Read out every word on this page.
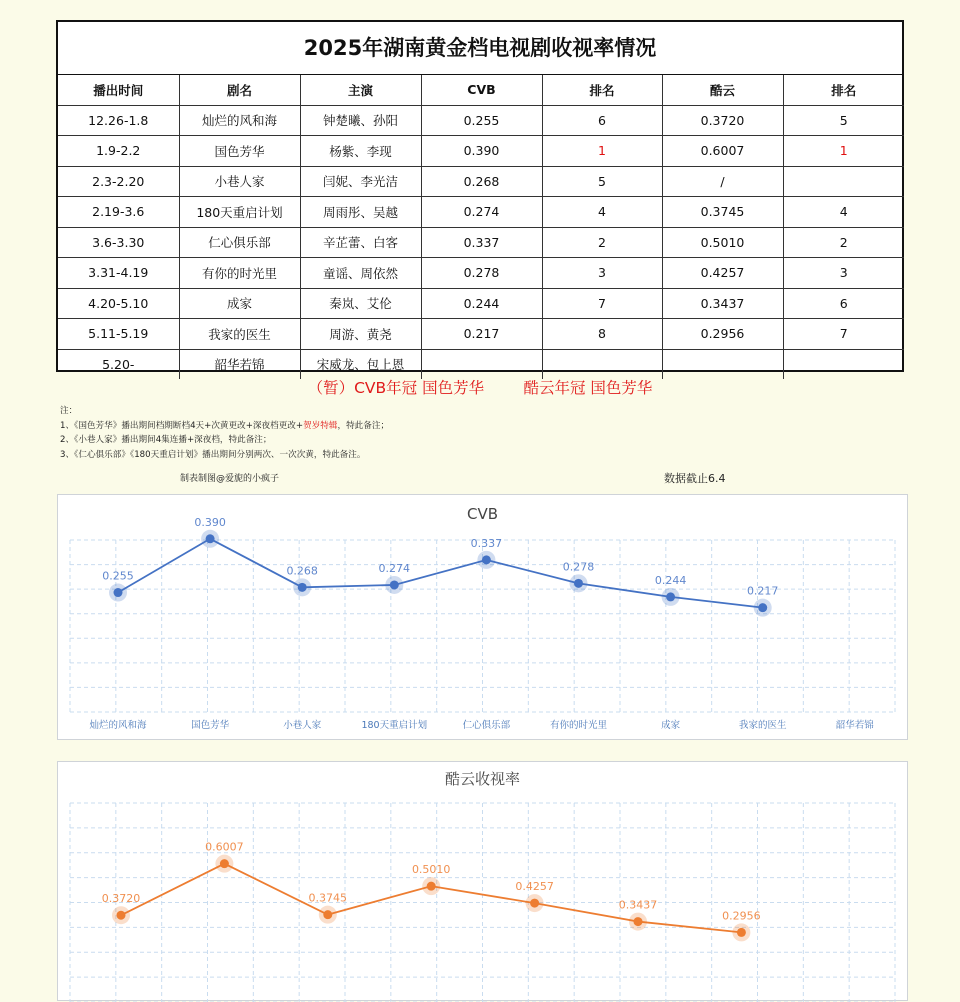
2025年湖南黄金档电视剧收视率情况
播出时间	剧名	主演	CVB	排名	酷云	排名
12.26-1.8	灿烂的风和海	钟楚曦、孙阳	0.255	6	0.3720	5
1.9-2.2	国色芳华	杨紫、李现	0.390	1	0.6007	1
2.3-2.20	小巷人家	闫妮、李光洁	0.268	5	/	
2.19-3.6	180天重启计划	周雨彤、吴越	0.274	4	0.3745	4
3.6-3.30	仁心俱乐部	辛芷蕾、白客	0.337	2	0.5010	2
3.31-4.19	有你的时光里	童谣、周依然	0.278	3	0.4257	3
4.20-5.10	成家	秦岚、艾伦	0.244	7	0.3437	6
5.11-5.19	我家的医生	周游、黄尧	0.217	8	0.2956	7
5.20-	韶华若锦	宋威龙、包上恩				
（暂）CVB年冠 国色芳华        酷云年冠 国色芳华
注：
1、《国色芳华》播出期间档期断档4天+次黄更改+深夜档更改+贺岁特辑，特此备注；
2、《小巷人家》播出期间4集连播+深夜档，特此备注；
3、《仁心俱乐部》《180天重启计划》播出期间分别两次、一次次黄，特此备注。
制表制图@爱旎的小疯子	数据截止6.4
CVB
0.255
0.390
0.268	0.274
0.337
0.278
0.244
0.217
灿烂的风和海	国色芳华	小巷人家	180天重启计划	仁心俱乐部	有你的时光里	成家	我家的医生	韶华若锦
酷云收视率
0.3720
0.6007
0.3745
0.5010
0.4257
0.3437
0.2956
